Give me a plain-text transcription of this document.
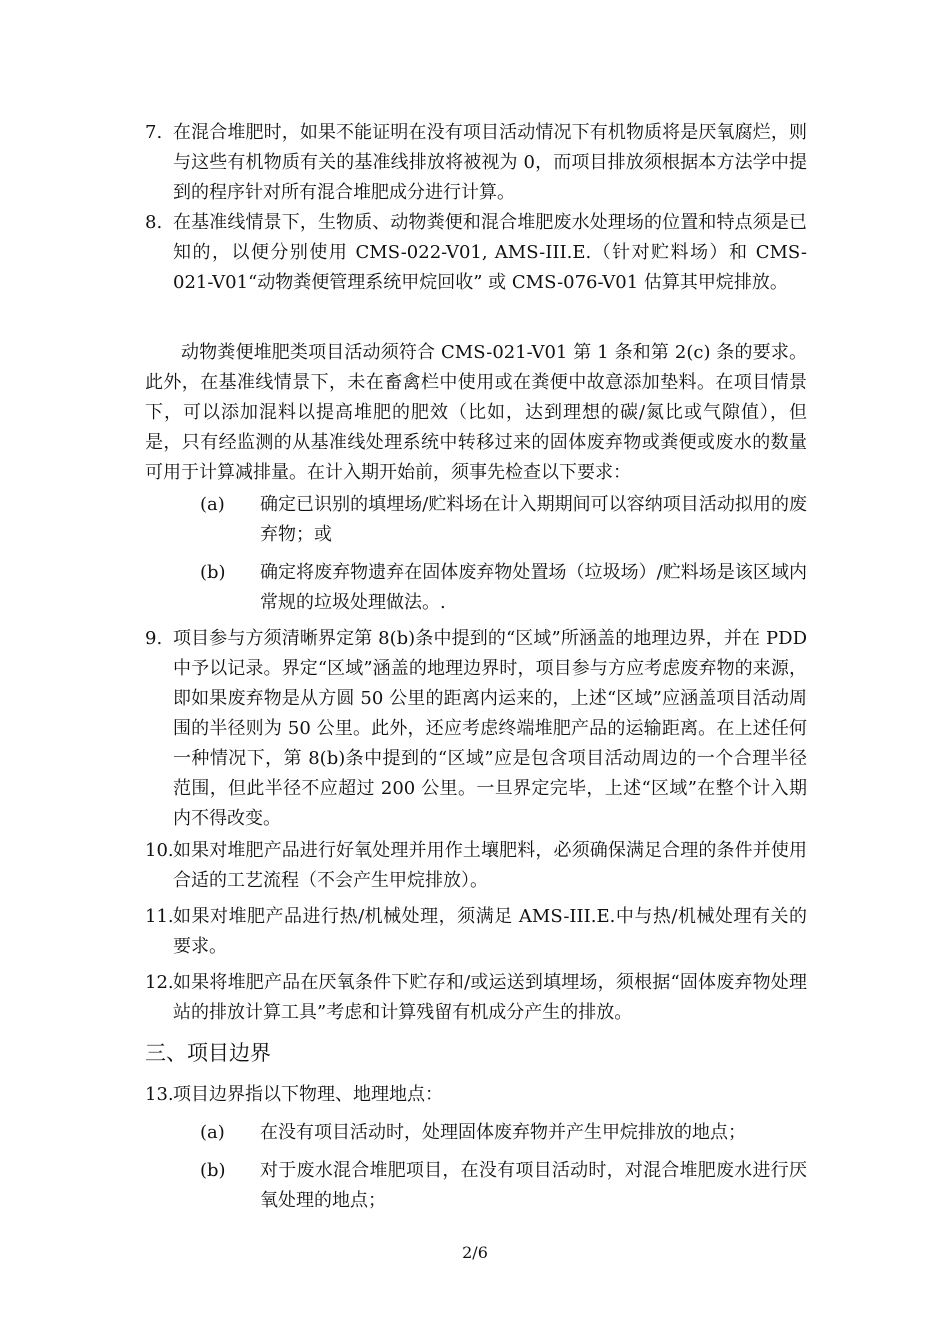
7. 在混合堆肥时，如果不能证明在没有项目活动情况下有机物质将是厌氧腐烂，则与这些有机物质有关的基准线排放将被视为 0，而项目排放须根据本方法学中提到的程序针对所有混合堆肥成分进行计算。
8. 在基准线情景下，生物质、动物粪便和混合堆肥废水处理场的位置和特点须是已知的，以便分别使用 CMS-022-V01, AMS-III.E.（针对贮料场）和 CMS-021-V01“动物粪便管理系统甲烷回收” 或 CMS-076-V01 估算其甲烷排放。

动物粪便堆肥类项目活动须符合 CMS-021-V01 第 1 条和第 2(c) 条的要求。此外，在基准线情景下，未在畜禽栏中使用或在粪便中故意添加垫料。在项目情景下，可以添加混料以提高堆肥的肥效（比如，达到理想的碳/氮比或气隙值），但是，只有经监测的从基准线处理系统中转移过来的固体废弃物或粪便或废水的数量可用于计算减排量。在计入期开始前，须事先检查以下要求：

(a)	确定已识别的填埋场/贮料场在计入期期间可以容纳项目活动拟用的废弃物；或
(b)	确定将废弃物遗弃在固体废弃物处置场（垃圾场）/贮料场是该区域内常规的垃圾处理做法。.
9. 项目参与方须清晰界定第 8(b)条中提到的“区域”所涵盖的地理边界，并在 PDD 中予以记录。界定“区域”涵盖的地理边界时，项目参与方应考虑废弃物的来源，即如果废弃物是从方圆 50 公里的距离内运来的，上述“区域”应涵盖项目活动周围的半径则为 50 公里。此外，还应考虑终端堆肥产品的运输距离。在上述任何一种情况下，第 8(b)条中提到的“区域”应是包含项目活动周边的一个合理半径范围，但此半径不应超过 200 公里。一旦界定完毕，上述“区域”在整个计入期内不得改变。
10. 如果对堆肥产品进行好氧处理并用作土壤肥料，必须确保满足合理的条件并使用合适的工艺流程（不会产生甲烷排放）。
11. 如果对堆肥产品进行热/机械处理，须满足 AMS-III.E.中与热/机械处理有关的要求。
12. 如果将堆肥产品在厌氧条件下贮存和/或运送到填埋场，须根据“固体废弃物处理站的排放计算工具”考虑和计算残留有机成分产生的排放。
三、项目边界
13. 项目边界指以下物理、地理地点：
(a)	在没有项目活动时，处理固体废弃物并产生甲烷排放的地点；
(b)	对于废水混合堆肥项目，在没有项目活动时，对混合堆肥废水进行厌氧处理的地点；
2/6
